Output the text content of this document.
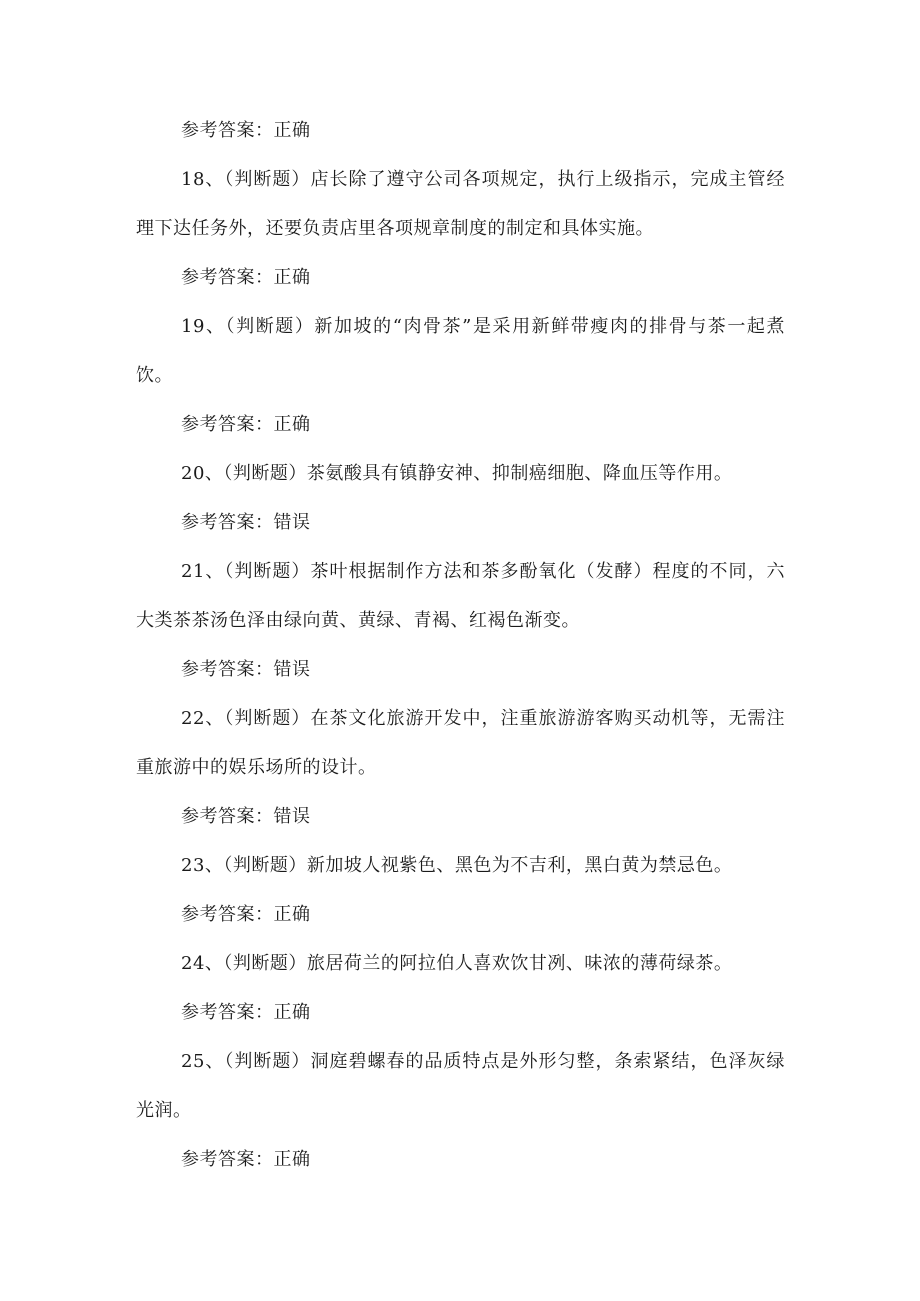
参考答案：正确
18、（判断题）店长除了遵守公司各项规定，执行上级指示，完成主管经
理下达任务外，还要负责店里各项规章制度的制定和具体实施。
参考答案：正确
19、（判断题）新加坡的“肉骨茶”是采用新鲜带瘦肉的排骨与茶一起煮
饮。
参考答案：正确
20、（判断题）茶氨酸具有镇静安神、抑制癌细胞、降血压等作用。
参考答案：错误
21、（判断题）茶叶根据制作方法和茶多酚氧化（发酵）程度的不同，六
大类茶茶汤色泽由绿向黄、黄绿、青褐、红褐色渐变。
参考答案：错误
22、（判断题）在茶文化旅游开发中，注重旅游游客购买动机等，无需注
重旅游中的娱乐场所的设计。
参考答案：错误
23、（判断题）新加坡人视紫色、黑色为不吉利，黑白黄为禁忌色。
参考答案：正确
24、（判断题）旅居荷兰的阿拉伯人喜欢饮甘冽、味浓的薄荷绿茶。
参考答案：正确
25、（判断题）洞庭碧螺春的品质特点是外形匀整，条索紧结，色泽灰绿
光润。
参考答案：正确
